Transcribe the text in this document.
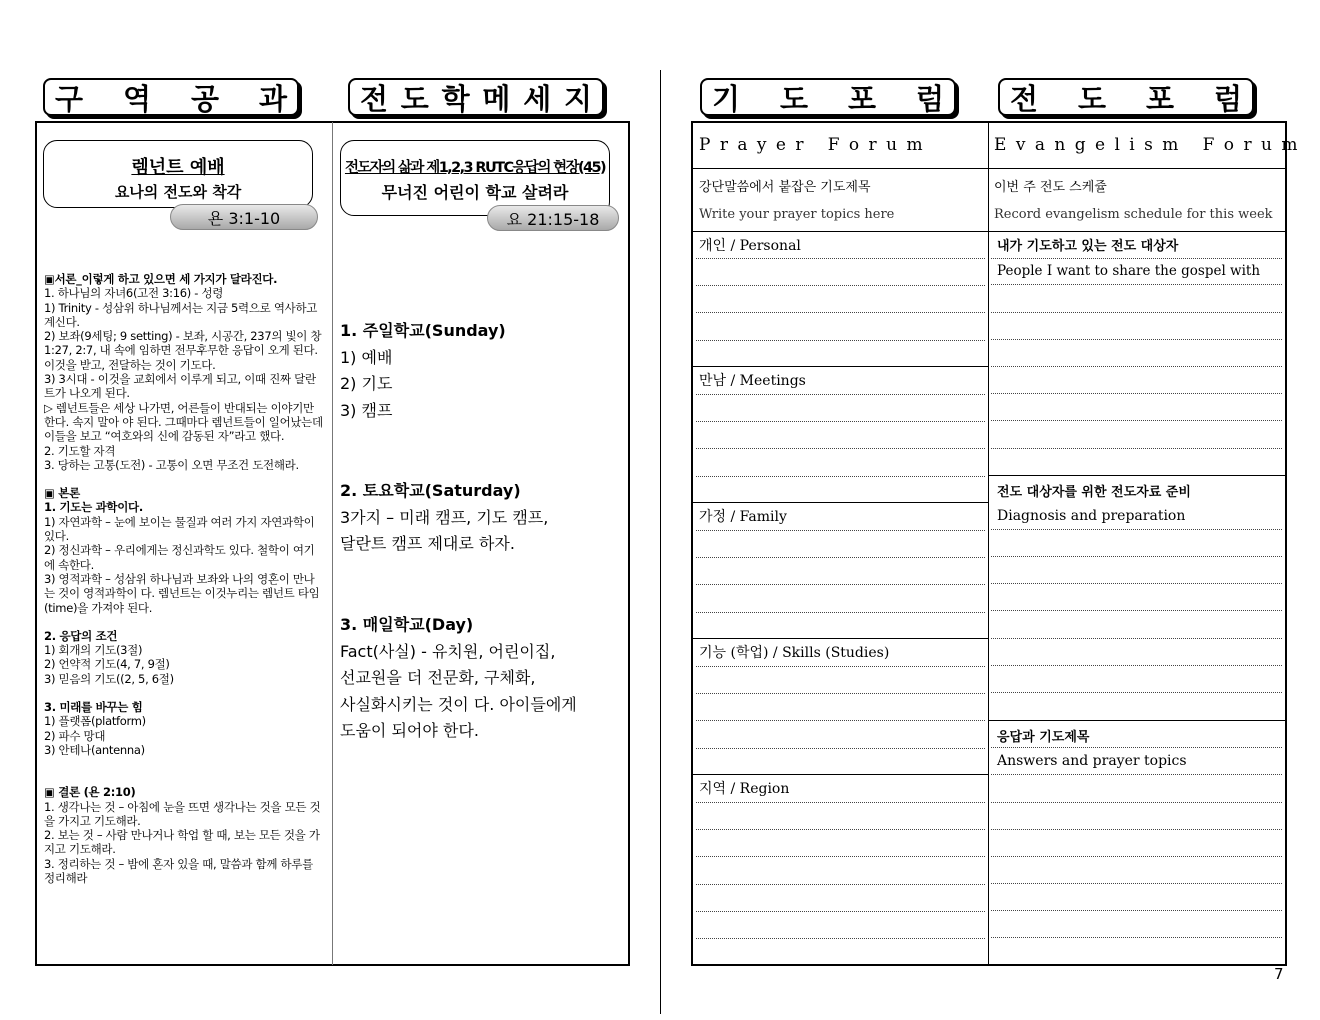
구 역 공 과	전 도 학 메 세 지	기 도 포 럼 전 도 포 럼
렘넌트 예배
요나의 전도와 착각
욘 3:1-10
▣서론_이렇게 하고 있으면 세 가지가 달라진다.
1. 하나님의 자녀6(고전 3:16) - 성령
1) Trinity - 성삼위 하나님께서는 지금 5력으로 역사하고 계신다.
2) 보좌(9세팅; 9 setting) - 보좌, 시공간, 237의 빛이 창 1:27, 2:7, 내 속에 임하면 전무후무한 응답이 오게 된다. 이것을 받고, 전달하는 것이 기도다.
3) 3시대 - 이것을 교회에서 이루게 되고, 이때 진짜 달란트가 나오게 된다.
▷ 렘넌트들은 세상 나가면, 어른들이 반대되는 이야기만 한다. 속지 말아 야 된다. 그때마다 렘넌트들이 일어났는데 이들을 보고 “여호와의 신에 감동된 자”라고 했다.
2. 기도할 자격
3. 당하는 고통(도전) - 고통이 오면 무조건 도전해라.
▣ 본론
1. 기도는 과학이다.
1) 자연과학 – 눈에 보이는 물질과 여러 가지 자연과학이 있다.
2) 정신과학 – 우리에게는 정신과학도 있다. 철학이 여기에 속한다.
3) 영적과학 – 성삼위 하나님과 보좌와 나의 영혼이 만나는 것이 영적과학이 다. 렘넌트는 이것누리는 렘넌트 타임(time)을 가져야 된다.
2. 응답의 조건
1) 회개의 기도(3절)
2) 언약적 기도(4, 7, 9절)
3) 믿음의 기도((2, 5, 6절)
3. 미래를 바꾸는 힘
1) 플랫폼(platform)
2) 파수 망대
3) 안테나(antenna)
▣ 결론 (욘 2:10)
1. 생각나는 것 – 아침에 눈을 뜨면 생각나는 것을 모든 것을 가지고 기도해라.
2. 보는 것 – 사람 만나거나 학업 할 때, 보는 모든 것을 가지고 기도해라.
3. 정리하는 것 – 밤에 혼자 있을 때, 말씀과 함께 하루를 정리해라
전도자의 삶과 제1,2,3 RUTC응답의 현장(45)
무너진 어린이 학교 살려라
요 21:15-18
1. 주일학교(Sunday)
1) 예배
2) 기도
3) 캠프
2. 토요학교(Saturday)
3가지 – 미래 캠프, 기도 캠프,
달란트 캠프 제대로 하자.
3. 매일학교(Day)
Fact(사실) - 유치원, 어린이집,
선교원을 더 전문화, 구체화,
사실화시키는 것이 다. 아이들에게
도움이 되어야 한다.
P r a y e r   F o r u m	E v a n g e l i s m   F o r u m
강단말씀에서 붙잡은 기도제목
Write your prayer topics here
이번 주 전도 스케쥴
Record evangelism schedule for this week
개인 / Personal
만남 / Meetings
가정 / Family
기능 (학업) / Skills (Studies)
지역 / Region
내가 기도하고 있는 전도 대상자
People I want to share the gospel with
전도 대상자를 위한 전도자료 준비
Diagnosis and preparation
응답과 기도제목
Answers and prayer topics
7
